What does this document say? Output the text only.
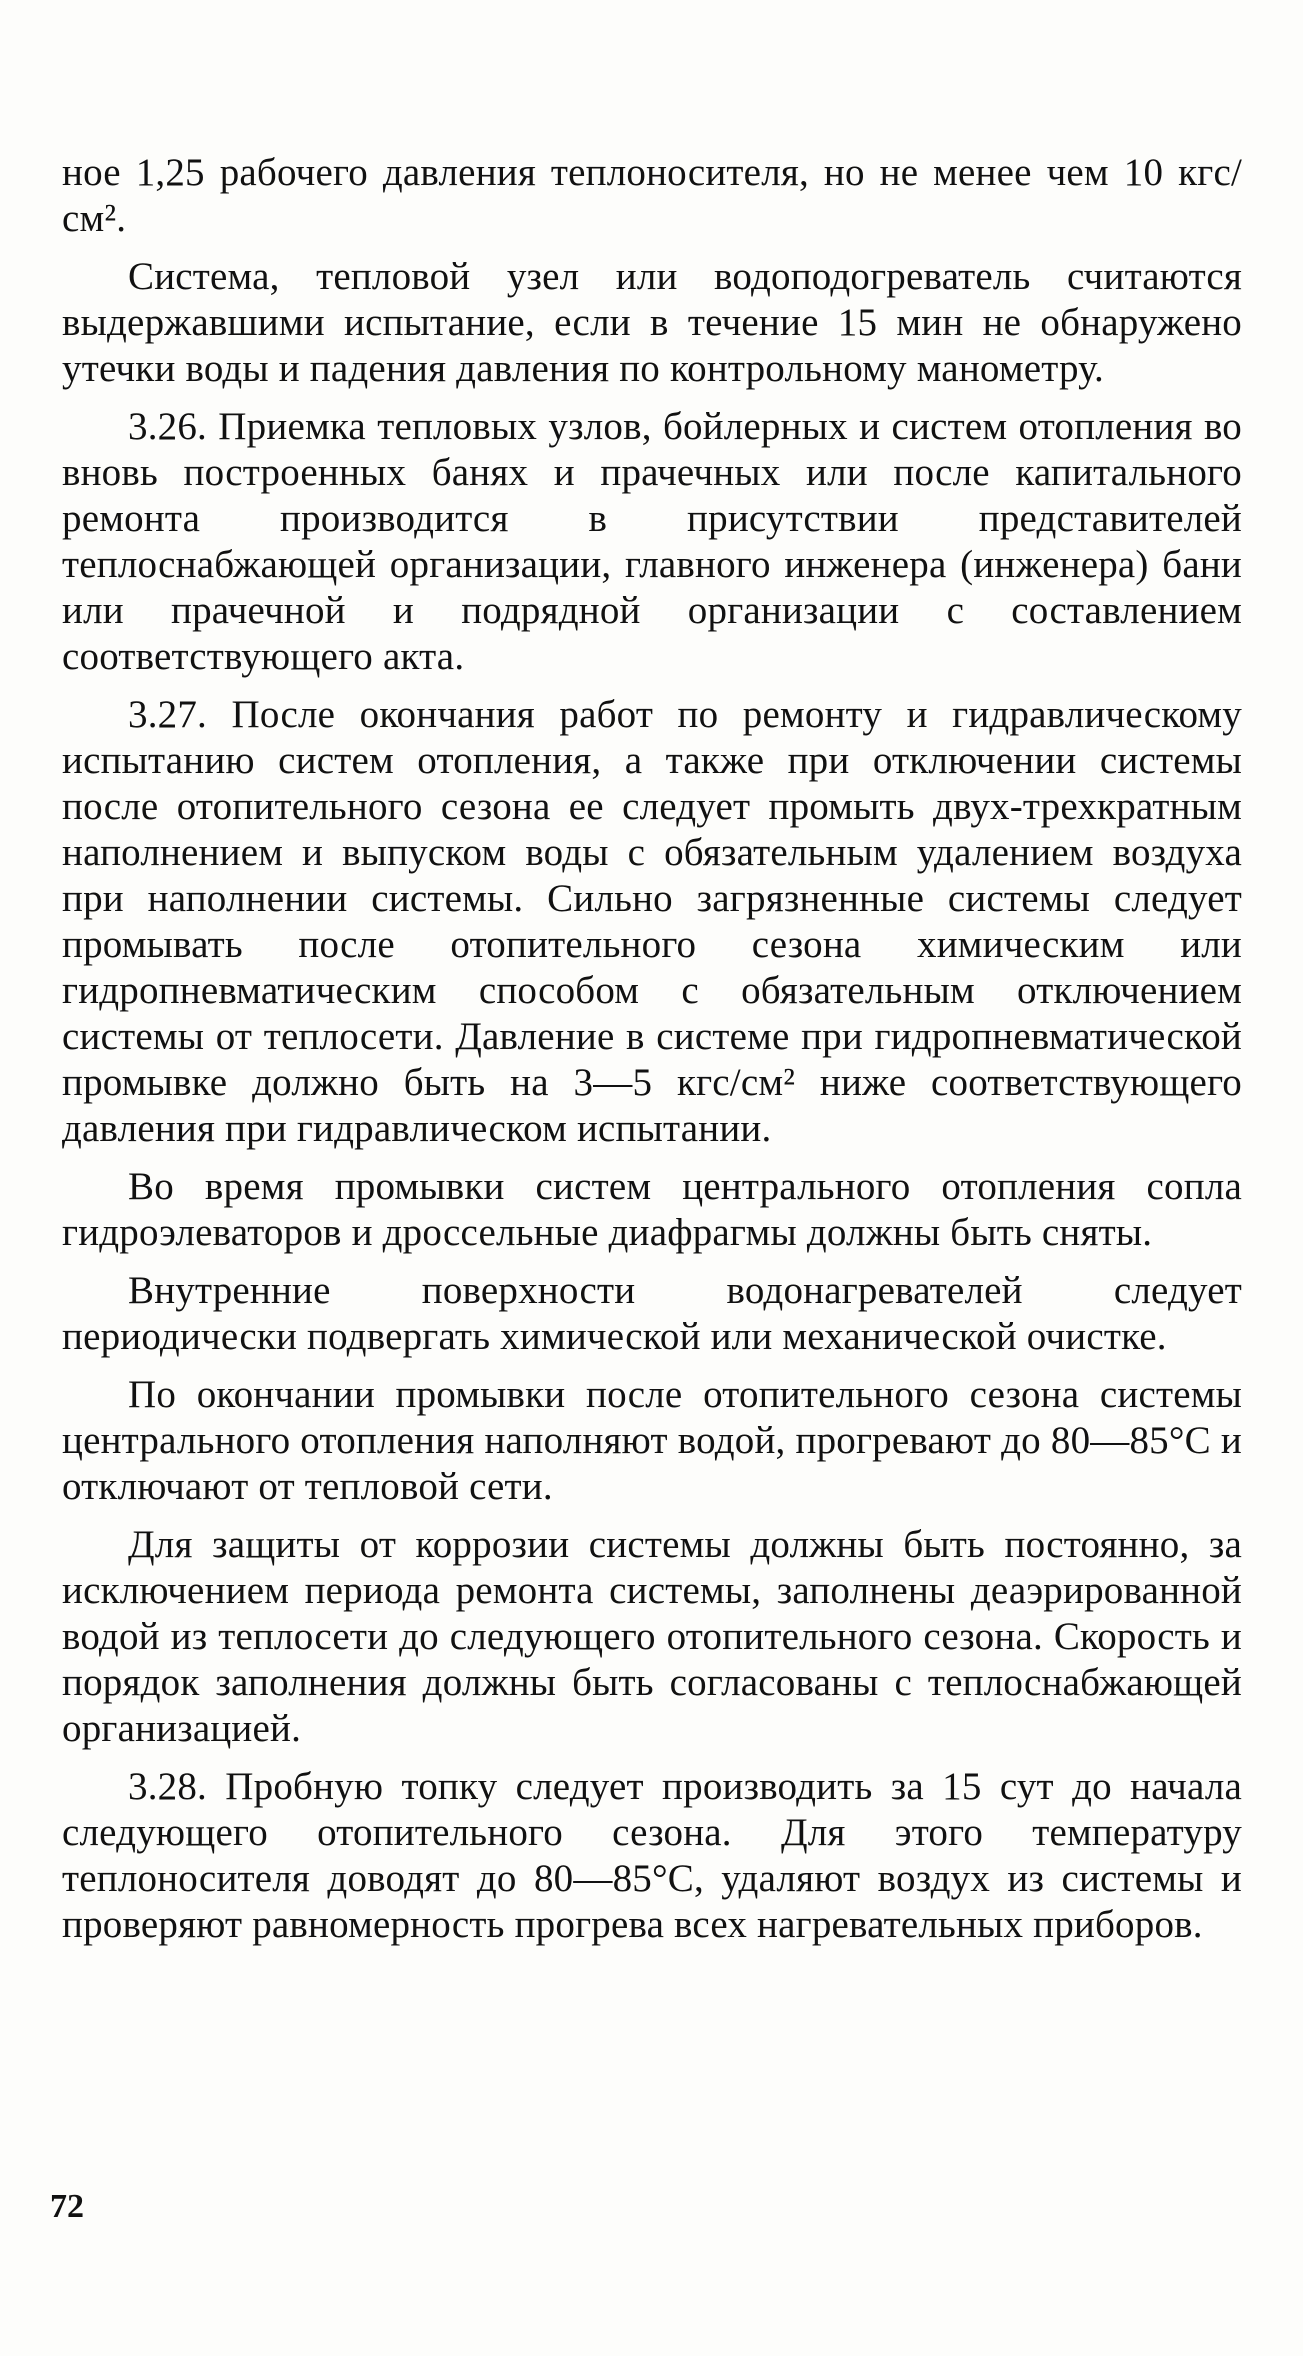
ное 1,25 рабочего давления теплоносителя, но не менее чем 10 кгс/см².

Система, тепловой узел или водоподогреватель считаются выдержавшими испытание, если в течение 15 мин не обнаружено утечки воды и падения давления по контрольному манометру.

3.26. Приемка тепловых узлов, бойлерных и систем отопления во вновь построенных банях и прачечных или после капитального ремонта производится в присутствии представителей теплоснабжающей организации, главного инженера (инженера) бани или прачечной и подрядной организации с составлением соответствующего акта.

3.27. После окончания работ по ремонту и гидравлическому испытанию систем отопления, а также при отключении системы после отопительного сезона ее следует промыть двух-трехкратным наполнением и выпуском воды с обязательным удалением воздуха при наполнении системы. Сильно загрязненные системы следует промывать после отопительного сезона химическим или гидропневматическим способом с обязательным отключением системы от теплосети. Давление в системе при гидропневматической промывке должно быть на 3—5 кгс/см² ниже соответствующего давления при гидравлическом испытании.

Во время промывки систем центрального отопления сопла гидроэлеваторов и дроссельные диафрагмы должны быть сняты.

Внутренние поверхности водонагревателей следует периодически подвергать химической или механической очистке.

По окончании промывки после отопительного сезона системы центрального отопления наполняют водой, прогревают до 80—85°С и отключают от тепловой сети.

Для защиты от коррозии системы должны быть постоянно, за исключением периода ремонта системы, заполнены деаэрированной водой из теплосети до следующего отопительного сезона. Скорость и порядок заполнения должны быть согласованы с теплоснабжающей организацией.

3.28. Пробную топку следует производить за 15 сут до начала следующего отопительного сезона. Для этого температуру теплоносителя доводят до 80—85°С, удаляют воздух из системы и проверяют равномерность прогрева всех нагревательных приборов.

72
